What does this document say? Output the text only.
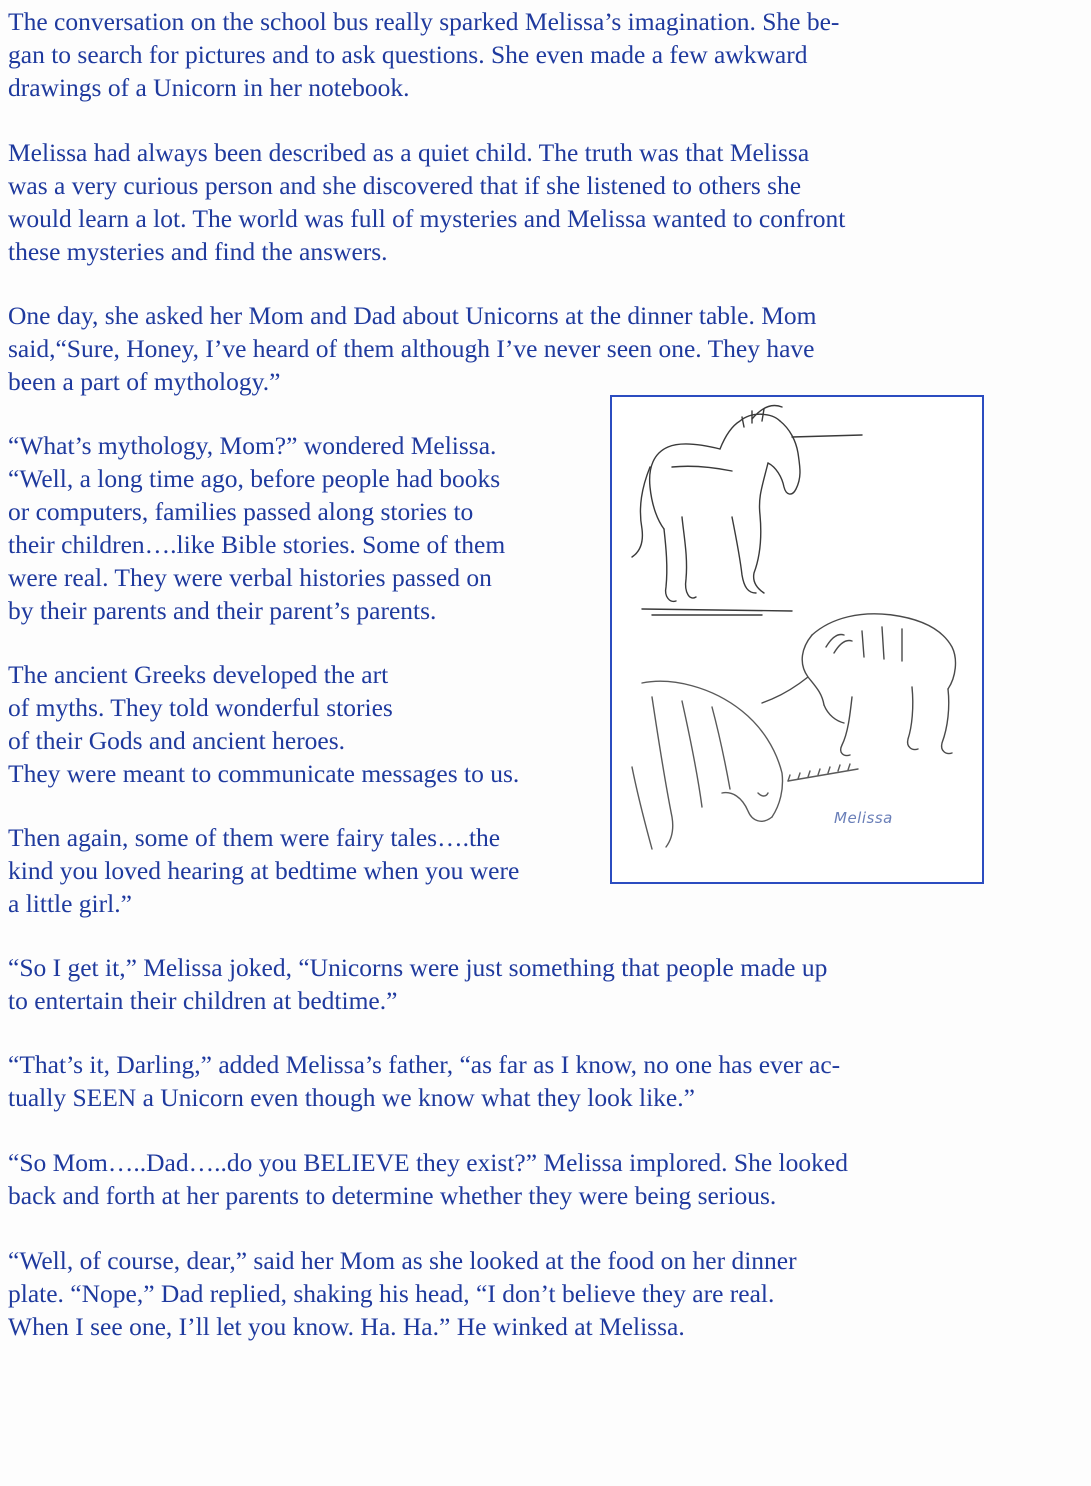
The conversation on the school bus really sparked Melissa’s imagination. She be-

gan to search for pictures and to ask questions. She even made a few awkward

drawings of a Unicorn in her notebook.

Melissa had always been described as a quiet child. The truth was that Melissa

was a very curious person and she discovered that if she listened to others she

would learn a lot. The world was full of mysteries and Melissa wanted to confront

these mysteries and find the answers.

One day, she asked her Mom and Dad about Unicorns at the dinner table. Mom

said,“Sure, Honey, I’ve heard of them although I’ve never seen one. They have

been a part of mythology.”

“What’s mythology, Mom?” wondered Melissa.

“Well, a long time ago, before people had books

or computers, families passed along stories to

their children….like Bible stories. Some of them

were real. They were verbal histories passed on

by their parents and their parent’s parents.

The ancient Greeks developed the art

of myths. They told wonderful stories

of their Gods and ancient heroes.

They were meant to communicate messages to us.

Then again, some of them were fairy tales….the

kind you loved hearing at bedtime when you were

a little girl.”

“So I get it,” Melissa joked, “Unicorns were just something that people made up

to entertain their children at bedtime.”

“That’s it, Darling,” added Melissa’s father, “as far as I know, no one has ever ac-

tually SEEN a Unicorn even though we know what they look like.”

“So Mom…..Dad…..do you BELIEVE they exist?” Melissa implored. She looked

back and forth at her parents to determine whether they were being serious.

“Well, of course, dear,” said her Mom as she looked at the food on her dinner

plate. “Nope,” Dad replied, shaking his head, “I don’t believe they are real.

When I see one, I’ll let you know. Ha. Ha.” He winked at Melissa.

Melissa
